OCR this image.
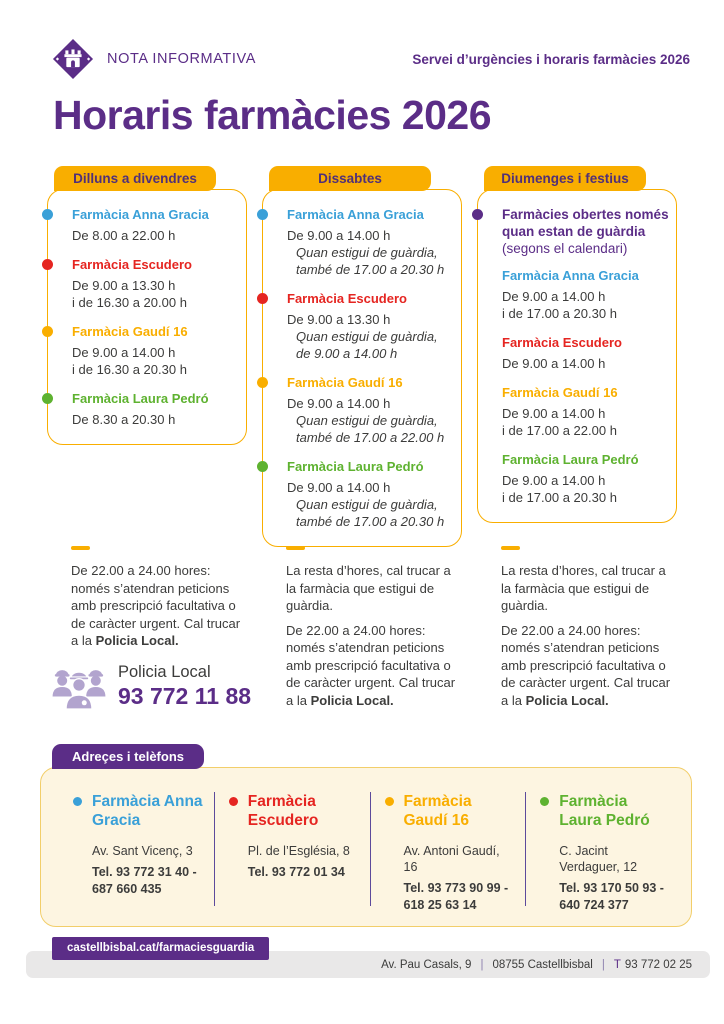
NOTA INFORMATIVA	Servei d’urgències i horaris farmàcies 2026
Horaris farmàcies 2026
Dilluns a divendres
Farmàcia Anna Gracia
De 8.00 a 22.00 h
Farmàcia Escudero
De 9.00 a 13.30 h
i de 16.30 a 20.00 h
Farmàcia Gaudí 16
De 9.00 a 14.00 h
i de 16.30 a 20.30 h
Farmàcia Laura Pedró
De 8.30 a 20.30 h
Dissabtes
Farmàcia Anna Gracia
De 9.00 a 14.00 h
Quan estigui de guàrdia,
també de 17.00 a 20.30 h
Farmàcia Escudero
De 9.00 a 13.30 h
Quan estigui de guàrdia,
de 9.00 a 14.00 h
Farmàcia Gaudí 16
De 9.00 a 14.00 h
Quan estigui de guàrdia,
també de 17.00 a 22.00 h
Farmàcia Laura Pedró
De 9.00 a 14.00 h
Quan estigui de guàrdia,
també de 17.00 a 20.30 h
Diumenges i festius
Farmàcies obertes només quan estan de guàrdia
(segons el calendari)
Farmàcia Anna Gracia
De 9.00 a 14.00 h
i de 17.00 a 20.30 h
Farmàcia Escudero
De 9.00 a 14.00 h
Farmàcia Gaudí 16
De 9.00 a 14.00 h
i de 17.00 a 22.00 h
Farmàcia Laura Pedró
De 9.00 a 14.00 h
i de 17.00 a 20.30 h

De 22.00 a 24.00 hores: només s’atendran peticions amb prescripció facultativa o de caràcter urgent. Cal trucar a la Policia Local.

La resta d’hores, cal trucar a la farmàcia que estigui de guàrdia.

De 22.00 a 24.00 hores: només s’atendran peticions amb prescripció facultativa o de caràcter urgent. Cal trucar a la Policia Local.

La resta d’hores, cal trucar a la farmàcia que estigui de guàrdia.

De 22.00 a 24.00 hores: només s’atendran peticions amb prescripció facultativa o de caràcter urgent. Cal trucar a la Policia Local.

Policia Local
93 772 11 88
Adreçes i telèfons
Farmàcia Anna Gracia
Av. Sant Vicenç, 3
Tel. 93 772 31 40 - 687 660 435
Farmàcia Escudero
Pl. de l’Església, 8
Tel. 93 772 01 34
Farmàcia Gaudí 16
Av. Antoni Gaudí, 16
Tel. 93 773 90 99 - 618 25 63 14
Farmàcia Laura Pedró
C. Jacint Verdaguer, 12
Tel. 93 170 50 93 - 640 724 377
castellbisbal.cat/farmaciesguardia
Av. Pau Casals, 9 | 08755 Castellbisbal | T 93 772 02 25
